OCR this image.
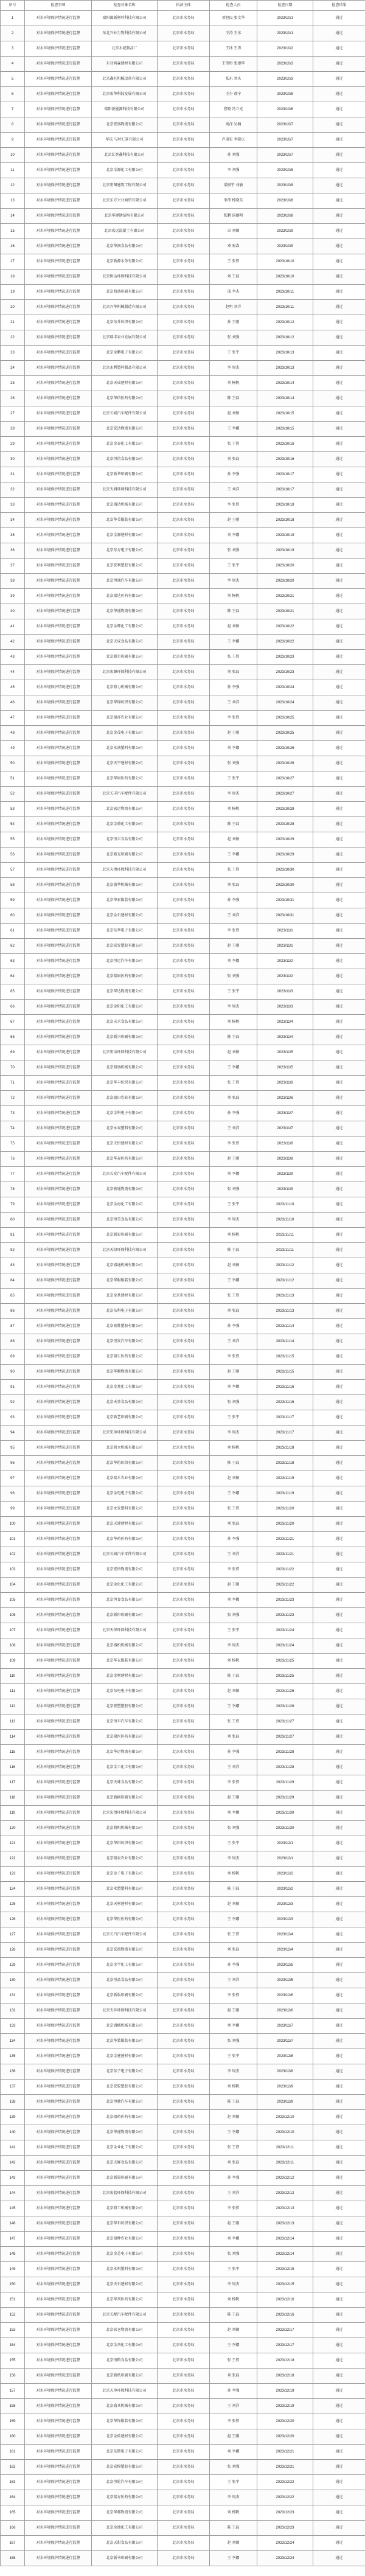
序号	检查事项	检查对象名称	执法主体	检查人员	检查日期	检查结果
1	对水环境保护情况进行监督	瑞阳源新材料科技有限公司	北京市水务局	刘旭民 张文华	2023/10/1	通过
2	对水环境保护情况进行监督	东北兴业生物科技有限公司	北京市水务局	王涛 王冰	2023/10/1	通过
3	对水环境保护情况进行监督	北京水泥制品厂	北京市水务局	王冰 王涛	2023/10/2	通过
4	对水环境保护情况进行监督	东亚鸿森建材有限公司	北京市水务局	王彤彤 张建华	2023/10/3	通过
5	对水环境保护情况进行监督	北京鑫旺机械设备有限公司	北京市水务局	张东 刘庆	2023/10/3	通过
6	对水环境保护情况进行监督	北京宏华科技发展有限公司	北京市水务局	王少 郝宁	2023/10/5	通过
7	对水环境保护情况进行监督	瑞阳新能源科技有限公司	北京市水务局	曹晓 冯立光	2023/10/6	通过
8	对水环境保护情况进行监督	北京宏盛物流有限公司	北京市水务局	刘洋 吴楠	2023/10/7	通过
9	对水环境保护情况进行监督	华氏 与时汇景有限公司	北京市水务局	卢凌宏 李晓庆	2023/10/7	通过
10	对水环境保护情况进行监督	北京汇智鑫科技有限公司	北京市水务局	孙 刘强	2023/10/7	通过
11	对水环境保护情况进行监督	北京金源化工有限公司	北京市水务局	李 刘强	2023/10/8	通过
12	对水环境保护情况进行监督	北京宏图建筑工程有限公司	北京市水务局	梁振宇 刘敏	2023/10/8	通过
13	对水环境保护情况进行监督	北京东方兴业商贸有限公司	北京市水务局	李伟 杨晓东	2023/10/8	通过
14	对水环境保护情况进行监督	北京华建钢结构有限公司	北京市水务局	张鹏 汤德明	2023/10/8	通过
15	对水环境保护情况进行监督	北京宏远混凝土有限公司	北京市水务局	卓 刘敏	2023/10/9	通过
16	对水环境保护情况进行监督	北京华润食品有限公司	北京市水务局	邓 宏森	2023/10/9	通过
17	对水环境保护情况进行监督	北京新源水务有限公司	北京市水务局	王 张伟	2023/10/10	通过
18	对水环境保护情况进行监督	北京恒达环保科技有限公司	北京市水务局	刘 王磊	2023/10/10	通过
19	对水环境保护情况进行监督	北京鼎盛印刷有限公司	北京市水务局	邵 李杰	2023/10/11	通过
20	对水环境保护情况进行监督	北京兴华机械制造有限公司	北京市水务局	赵明 刘洋	2023/10/11	通过
21	对水环境保护情况进行监督	北京东升纺织有限公司	北京市水务局	孙 王刚	2023/10/12	通过
22	对水环境保护情况进行监督	北京瑞丰农业发展有限公司	北京市水务局	张 刘强	2023/10/12	通过
23	对水环境保护情况进行监督	北京金鹏电子有限公司	北京市水务局	王 张宇	2023/10/13	通过
24	对水环境保护情况进行监督	北京永利塑料制品有限公司	北京市水务局	李 周杰	2023/10/13	通过
25	对水环境保护情况进行监督	北京天成建材有限公司	北京市水务局	刘 杨帆	2023/10/14	通过
26	对水环境保护情况进行监督	北京华信医药有限公司	北京市水务局	陈 王磊	2023/10/14	通过
27	对水环境保护情况进行监督	北京长城汽车配件有限公司	北京市水务局	赵 刘敏	2023/10/15	通过
28	对水环境保护情况进行监督	北京宏达物流有限公司	北京市水务局	王 李娜	2023/10/15	通过
29	对水环境保护情况进行监督	北京金泰化工有限公司	北京市水务局	张 王伟	2023/10/16	通过
30	对水环境保护情况进行监督	北京恒信食品有限公司	北京市水务局	刘 张磊	2023/10/16	通过
31	对水环境保护情况进行监督	北京新华印刷有限公司	北京市水务局	孙 李强	2023/10/17	通过
32	对水环境保护情况进行监督	北京天润环保科技有限公司	北京市水务局	王 刘洋	2023/10/17	通过
33	对水环境保护情况进行监督	北京盛达机械有限公司	北京市水务局	李 张伟	2023/10/18	通过
34	对水环境保护情况进行监督	北京华美服装有限公司	北京市水务局	赵 王刚	2023/10/18	通过
35	对水环境保护情况进行监督	北京金源建材有限公司	北京市水务局	刘 李娜	2023/10/19	通过
36	对水环境保护情况进行监督	北京东方电子有限公司	北京市水务局	张 刘强	2023/10/19	通过
37	对水环境保护情况进行监督	北京宏利塑胶有限公司	北京市水务局	王 张宇	2023/10/20	通过
38	对水环境保护情况进行监督	北京恒通汽车有限公司	北京市水务局	李 周杰	2023/10/20	通过
39	对水环境保护情况进行监督	北京瑞达医药有限公司	北京市水务局	刘 杨帆	2023/10/21	通过
40	对水环境保护情况进行监督	北京华通物流有限公司	北京市水务局	陈 王磊	2023/10/21	通过
41	对水环境保护情况进行监督	北京金辉化工有限公司	北京市水务局	赵 刘敏	2023/10/22	通过
42	对水环境保护情况进行监督	北京天成食品有限公司	北京市水务局	王 李娜	2023/10/22	通过
43	对水环境保护情况进行监督	北京新星印刷有限公司	北京市水务局	张 王伟	2023/10/23	通过
44	对水环境保护情况进行监督	北京宏源环保科技有限公司	北京市水务局	刘 张磊	2023/10/23	通过
45	对水环境保护情况进行监督	北京鼎力机械有限公司	北京市水务局	孙 李强	2023/10/24	通过
46	对水环境保护情况进行监督	北京华锦纺织有限公司	北京市水务局	王 刘洋	2023/10/24	通过
47	对水环境保护情况进行监督	北京瑞祥农业有限公司	北京市水务局	李 张伟	2023/10/25	通过
48	对水环境保护情况进行监督	北京金茂电子有限公司	北京市水务局	赵 王刚	2023/10/25	通过
49	对水环境保护情况进行监督	北京永盛塑料有限公司	北京市水务局	刘 李娜	2023/10/26	通过
50	对水环境保护情况进行监督	北京天宇建材有限公司	北京市水务局	张 刘强	2023/10/26	通过
51	对水环境保护情况进行监督	北京华康医药有限公司	北京市水务局	王 张宇	2023/10/27	通过
52	对水环境保护情况进行监督	北京长丰汽车配件有限公司	北京市水务局	李 周杰	2023/10/27	通过
53	对水环境保护情况进行监督	北京宏运物流有限公司	北京市水务局	刘 杨帆	2023/10/28	通过
54	对水环境保护情况进行监督	北京金鼎化工有限公司	北京市水务局	陈 王磊	2023/10/28	通过
55	对水环境保护情况进行监督	北京恒丰食品有限公司	北京市水务局	赵 刘敏	2023/10/29	通过
56	对水环境保护情况进行监督	北京新光印刷有限公司	北京市水务局	王 李娜	2023/10/29	通过
57	对水环境保护情况进行监督	北京天清环保科技有限公司	北京市水务局	张 王伟	2023/10/30	通过
58	对水环境保护情况进行监督	北京盛华机械有限公司	北京市水务局	刘 张磊	2023/10/30	通过
59	对水环境保护情况进行监督	北京华彩服装有限公司	北京市水务局	孙 李强	2023/10/31	通过
60	对水环境保护情况进行监督	北京金石建材有限公司	北京市水务局	王 刘洋	2023/10/31	通过
61	对水环境保护情况进行监督	北京东华电子有限公司	北京市水务局	李 张伟	2023/11/1	通过
62	对水环境保护情况进行监督	北京宏发塑胶有限公司	北京市水务局	赵 王刚	2023/11/1	通过
63	对水环境保护情况进行监督	北京恒运汽车有限公司	北京市水务局	刘 李娜	2023/11/2	通过
64	对水环境保护情况进行监督	北京瑞康医药有限公司	北京市水务局	张 刘强	2023/11/2	通过
65	对水环境保护情况进行监督	北京华达物流有限公司	北京市水务局	王 张宇	2023/11/3	通过
66	对水环境保护情况进行监督	北京金阳化工有限公司	北京市水务局	李 周杰	2023/11/3	通过
67	对水环境保护情况进行监督	北京天禾食品有限公司	北京市水务局	刘 杨帆	2023/11/4	通过
68	对水环境保护情况进行监督	北京新兴印刷有限公司	北京市水务局	陈 王磊	2023/11/4	通过
69	对水环境保护情况进行监督	北京宏洁环保科技有限公司	北京市水务局	赵 刘敏	2023/11/5	通过
70	对水环境保护情况进行监督	北京鼎盛机械有限公司	北京市水务局	王 李娜	2023/11/5	通过
71	对水环境保护情况进行监督	北京华丰纺织有限公司	北京市水务局	张 王伟	2023/11/6	通过
72	对水环境保护情况进行监督	北京瑞田农业有限公司	北京市水务局	刘 张磊	2023/11/6	通过
73	对水环境保护情况进行监督	北京金科电子有限公司	北京市水务局	孙 李强	2023/11/7	通过
74	对水环境保护情况进行监督	北京永泰塑料有限公司	北京市水务局	王 刘洋	2023/11/7	通过
75	对水环境保护情况进行监督	北京天恒建材有限公司	北京市水务局	李 张伟	2023/11/8	通过
76	对水环境保护情况进行监督	北京华泰医药有限公司	北京市水务局	赵 王刚	2023/11/8	通过
77	对水环境保护情况进行监督	北京长安汽车配件有限公司	北京市水务局	刘 李娜	2023/11/9	通过
78	对水环境保护情况进行监督	北京宏通物流有限公司	北京市水务局	张 刘强	2023/11/9	通过
79	对水环境保护情况进行监督	北京金海化工有限公司	北京市水务局	王 张宇	2023/11/10	通过
80	对水环境保护情况进行监督	北京恒美食品有限公司	北京市水务局	李 周杰	2023/11/10	通过
81	对水环境保护情况进行监督	北京新彩印刷有限公司	北京市水务局	刘 杨帆	2023/11/11	通过
82	对水环境保护情况进行监督	北京天绿环保科技有限公司	北京市水务局	陈 王磊	2023/11/11	通过
83	对水环境保护情况进行监督	北京盛通机械有限公司	北京市水务局	赵 刘敏	2023/11/12	通过
84	对水环境保护情况进行监督	北京华服服装有限公司	北京市水务局	王 李娜	2023/11/12	通过
85	对水环境保护情况进行监督	北京金基建材有限公司	北京市水务局	张 王伟	2023/11/13	通过
86	对水环境保护情况进行监督	北京东科电子有限公司	北京市水务局	刘 张磊	2023/11/13	通过
87	对水环境保护情况进行监督	北京宏胜塑胶有限公司	北京市水务局	孙 李强	2023/11/14	通过
88	对水环境保护情况进行监督	北京恒发汽车有限公司	北京市水务局	王 刘洋	2023/11/14	通过
89	对水环境保护情况进行监督	北京瑞生医药有限公司	北京市水务局	李 张伟	2023/11/15	通过
90	对水环境保护情况进行监督	北京华顺物流有限公司	北京市水务局	赵 王刚	2023/11/15	通过
91	对水环境保护情况进行监督	北京金龙化工有限公司	北京市水务局	刘 李娜	2023/11/16	通过
92	对水环境保护情况进行监督	北京天香食品有限公司	北京市水务局	张 刘强	2023/11/16	通过
93	对水环境保护情况进行监督	北京新艺印刷有限公司	北京市水务局	王 张宇	2023/11/17	通过
94	对水环境保护情况进行监督	北京宏净环保科技有限公司	北京市水务局	李 周杰	2023/11/17	通过
95	对水环境保护情况进行监督	北京鼎立机械有限公司	北京市水务局	刘 杨帆	2023/11/18	通过
96	对水环境保护情况进行监督	北京华纺纺织有限公司	北京市水务局	陈 王磊	2023/11/18	通过
97	对水环境保护情况进行监督	北京瑞禾农业有限公司	北京市水务局	赵 刘敏	2023/11/19	通过
98	对水环境保护情况进行监督	北京金电电子有限公司	北京市水务局	王 李娜	2023/11/19	通过
99	对水环境保护情况进行监督	北京永发塑料有限公司	北京市水务局	张 王伟	2023/11/20	通过
100	对水环境保护情况进行监督	北京天建建材有限公司	北京市水务局	刘 张磊	2023/11/20	通过
101	对水环境保护情况进行监督	北京华药医药有限公司	北京市水务局	孙 李强	2023/11/21	通过
102	对水环境保护情况进行监督	北京长城汽车零件有限公司	北京市水务局	王 刘洋	2023/11/21	通过
103	对水环境保护情况进行监督	北京宏快物流有限公司	北京市水务局	李 张伟	2023/11/22	通过
104	对水环境保护情况进行监督	北京金化化工有限公司	北京市水务局	赵 王刚	2023/11/22	通过
105	对水环境保护情况进行监督	北京恒食食品有限公司	北京市水务局	刘 李娜	2023/11/23	通过
106	对水环境保护情况进行监督	北京新印印刷有限公司	北京市水务局	张 刘强	2023/11/23	通过
107	对水环境保护情况进行监督	北京天保环保科技有限公司	北京市水务局	王 张宇	2023/11/24	通过
108	对水环境保护情况进行监督	北京盛机机械有限公司	北京市水务局	李 周杰	2023/11/24	通过
109	对水环境保护情况进行监督	北京华衣服装有限公司	北京市水务局	刘 杨帆	2023/11/25	通过
110	对水环境保护情况进行监督	北京金材建材有限公司	北京市水务局	陈 王磊	2023/11/25	通过
111	对水环境保护情况进行监督	北京东电电子有限公司	北京市水务局	赵 刘敏	2023/11/26	通过
112	对水环境保护情况进行监督	北京宏塑塑胶有限公司	北京市水务局	王 李娜	2023/11/26	通过
113	对水环境保护情况进行监督	北京恒车汽车有限公司	北京市水务局	张 王伟	2023/11/27	通过
114	对水环境保护情况进行监督	北京瑞医医药有限公司	北京市水务局	刘 张磊	2023/11/27	通过
115	对水环境保护情况进行监督	北京华运物流有限公司	北京市水务局	孙 李强	2023/11/28	通过
116	对水环境保护情况进行监督	北京金工化工有限公司	北京市水务局	王 刘洋	2023/11/28	通过
117	对水环境保护情况进行监督	北京天味食品有限公司	北京市水务局	李 张伟	2023/11/29	通过
118	对水环境保护情况进行监督	北京新刷印刷有限公司	北京市水务局	赵 王刚	2023/11/29	通过
119	对水环境保护情况进行监督	北京宏清环保科技有限公司	北京市水务局	刘 李娜	2023/11/30	通过
120	对水环境保护情况进行监督	北京鼎机机械有限公司	北京市水务局	张 刘强	2023/11/30	通过
121	对水环境保护情况进行监督	北京华织纺织有限公司	北京市水务局	王 张宇	2023/12/1	通过
122	对水环境保护情况进行监督	北京瑞农农业有限公司	北京市水务局	李 周杰	2023/12/1	通过
123	对水环境保护情况进行监督	北京金子电子有限公司	北京市水务局	刘 杨帆	2023/12/2	通过
124	对水环境保护情况进行监督	北京永塑塑料有限公司	北京市水务局	陈 王磊	2023/12/2	通过
125	对水环境保护情况进行监督	北京天材建材有限公司	北京市水务局	赵 刘敏	2023/12/3	通过
126	对水环境保护情况进行监督	北京华医医药有限公司	北京市水务局	王 李娜	2023/12/3	通过
127	对水环境保护情况进行监督	北京长汽汽车配件有限公司	北京市水务局	张 王伟	2023/12/4	通过
128	对水环境保护情况进行监督	北京宏流物流有限公司	北京市水务局	刘 张磊	2023/12/4	通过
129	对水环境保护情况进行监督	北京金学化工有限公司	北京市水务局	孙 李强	2023/12/5	通过
130	对水环境保护情况进行监督	北京恒品食品有限公司	北京市水务局	王 刘洋	2023/12/5	通过
131	对水环境保护情况进行监督	北京新版印刷有限公司	北京市水务局	李 张伟	2023/12/6	通过
132	对水环境保护情况进行监督	北京天环环保科技有限公司	北京市水务局	赵 王刚	2023/12/6	通过
133	对水环境保护情况进行监督	北京盛械机械有限公司	北京市水务局	刘 李娜	2023/12/7	通过
134	对水环境保护情况进行监督	北京华装服装有限公司	北京市水务局	张 刘强	2023/12/7	通过
135	对水环境保护情况进行监督	北京金建建材有限公司	北京市水务局	王 张宇	2023/12/8	通过
136	对水环境保护情况进行监督	北京东子电子有限公司	北京市水务局	李 周杰	2023/12/8	通过
137	对水环境保护情况进行监督	北京宏胶塑胶有限公司	北京市水务局	刘 杨帆	2023/12/9	通过
138	对水环境保护情况进行监督	北京恒驰汽车有限公司	北京市水务局	陈 王磊	2023/12/9	通过
139	对水环境保护情况进行监督	北京瑞药医药有限公司	北京市水务局	赵 刘敏	2023/12/10	通过
140	对水环境保护情况进行监督	北京华递物流有限公司	北京市水务局	王 李娜	2023/12/10	通过
141	对水环境保护情况进行监督	北京金业化工有限公司	北京市水务局	张 王伟	2023/12/11	通过
142	对水环境保护情况进行监督	北京天鲜食品有限公司	北京市水务局	刘 张磊	2023/12/11	通过
143	对水环境保护情况进行监督	北京新墨印刷有限公司	北京市水务局	孙 李强	2023/12/12	通过
144	对水环境保护情况进行监督	北京宏蓝环保科技有限公司	北京市水务局	王 刘洋	2023/12/12	通过
145	对水环境保护情况进行监督	北京鼎工机械有限公司	北京市水务局	李 张伟	2023/12/13	通过
146	对水环境保护情况进行监督	北京华布纺织有限公司	北京市水务局	赵 王刚	2023/12/13	通过
147	对水环境保护情况进行监督	北京瑞种农业有限公司	北京市水务局	刘 李娜	2023/12/14	通过
148	对水环境保护情况进行监督	北京金芯电子有限公司	北京市水务局	张 刘强	2023/12/14	通过
149	对水环境保护情况进行监督	北京永料塑料有限公司	北京市水务局	王 张宇	2023/12/15	通过
150	对水环境保护情况进行监督	北京天石建材有限公司	北京市水务局	李 周杰	2023/12/15	通过
151	对水环境保护情况进行监督	北京华剂医药有限公司	北京市水务局	刘 杨帆	2023/12/16	通过
152	对水环境保护情况进行监督	北京长配汽车配件有限公司	北京市水务局	陈 王磊	2023/12/16	通过
153	对水环境保护情况进行监督	北京宏仓物流有限公司	北京市水务局	赵 刘敏	2023/12/17	通过
154	对水环境保护情况进行监督	北京金剂化工有限公司	北京市水务局	王 李娜	2023/12/17	通过
155	对水环境保护情况进行监督	北京恒粮食品有限公司	北京市水务局	张 王伟	2023/12/18	通过
156	对水环境保护情况进行监督	北京新纸印刷有限公司	北京市水务局	刘 张磊	2023/12/18	通过
157	对水环境保护情况进行监督	北京天净环保科技有限公司	北京市水务局	孙 李强	2023/12/19	通过
158	对水环境保护情况进行监督	北京盛具机械有限公司	北京市水务局	王 刘洋	2023/12/19	通过
159	对水环境保护情况进行监督	北京华饰服装有限公司	北京市水务局	李 张伟	2023/12/20	通过
160	对水环境保护情况进行监督	北京金砖建材有限公司	北京市水务局	赵 王刚	2023/12/20	通过
161	对水环境保护情况进行监督	北京东微电子有限公司	北京市水务局	刘 李娜	2023/12/21	通过
162	对水环境保护情况进行监督	北京宏模塑胶有限公司	北京市水务局	张 刘强	2023/12/21	通过
163	对水环境保护情况进行监督	北京恒轮汽车有限公司	北京市水务局	王 张宇	2023/12/22	通过
164	对水环境保护情况进行监督	北京瑞方医药有限公司	北京市水务局	李 周杰	2023/12/22	通过
165	对水环境保护情况进行监督	北京华邮物流有限公司	北京市水务局	刘 杨帆	2023/12/23	通过
166	对水环境保护情况进行监督	北京金油化工有限公司	北京市水务局	陈 王磊	2023/12/23	通过
167	对水环境保护情况进行监督	北京天甜食品有限公司	北京市水务局	赵 刘敏	2023/12/24	通过
168	对水环境保护情况进行监督	北京新书印刷有限公司	北京市水务局	王 李娜	2023/12/24	通过
